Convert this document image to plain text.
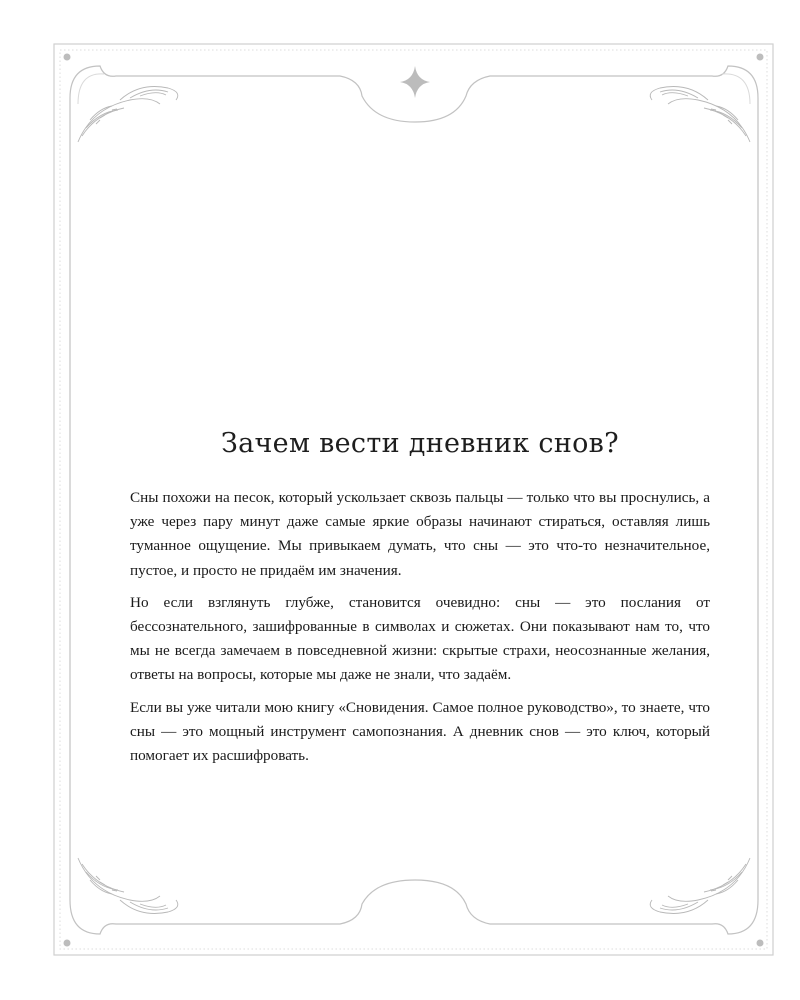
Зачем вести дневник снов?

Сны похожи на песок, который ускользает сквозь пальцы — только что вы проснулись, а уже через пару минут даже самые яркие образы начинают стираться, оставляя лишь туманное ощущение. Мы привыкаем думать, что сны — это что-то незначительное, пустое, и просто не придаём им значения.

Но если взглянуть глубже, становится очевидно: сны — это послания от бессознательного, зашифрованные в символах и сюжетах. Они показывают нам то, что мы не всегда замечаем в повседневной жизни: скрытые страхи, неосознанные желания, ответы на вопросы, которые мы даже не знали, что задаём.

Если вы уже читали мою книгу «Сновидения. Самое полное руководство», то знаете, что сны — это мощный инструмент самопознания. А дневник снов — это ключ, который помогает их расшифровать.
